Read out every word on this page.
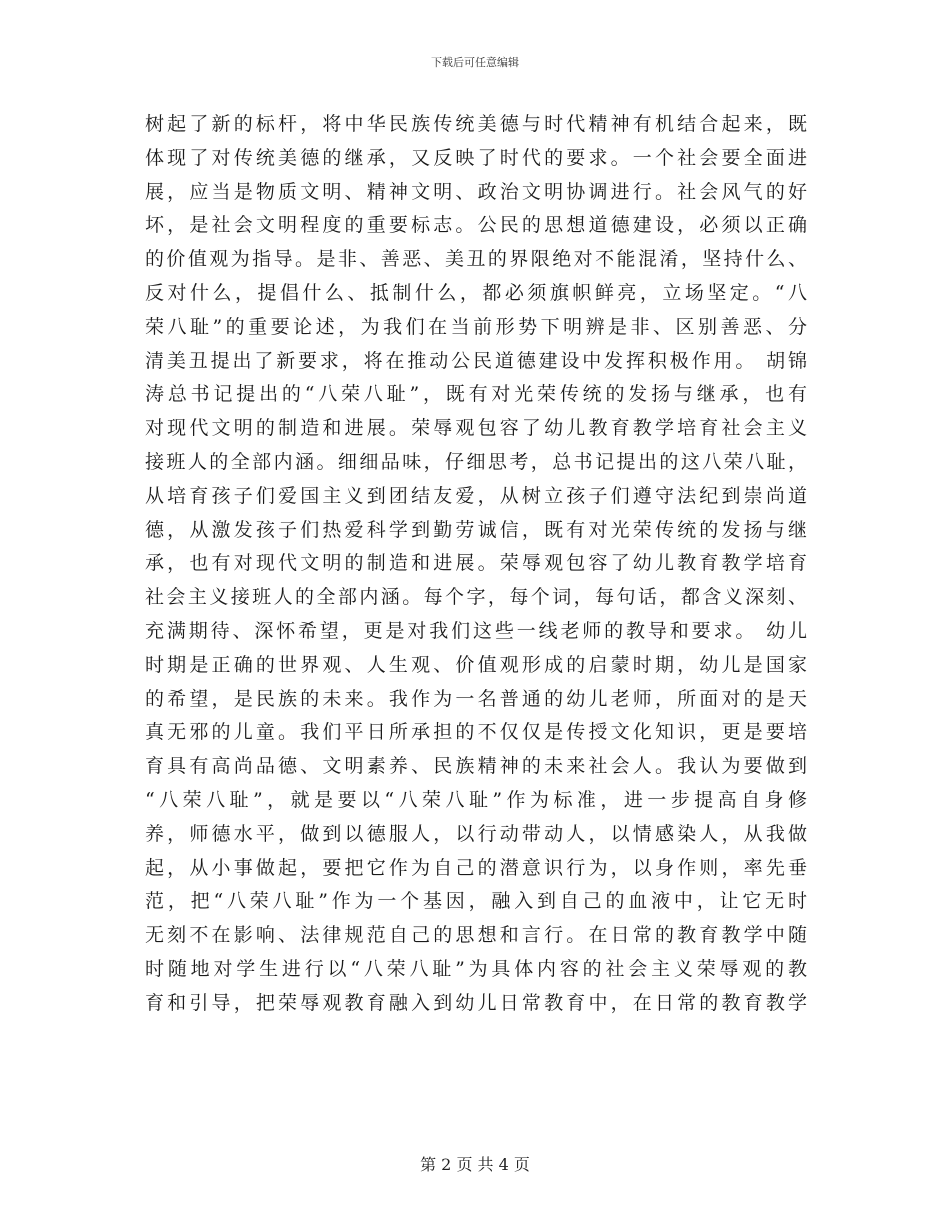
下载后可任意编辑
树起了新的标杆，将中华民族传统美德与时代精神有机结合起来，既
体现了对传统美德的继承，又反映了时代的要求。一个社会要全面进
展，应当是物质文明、精神文明、政治文明协调进行。社会风气的好
坏，是社会文明程度的重要标志。公民的思想道德建设，必须以正确
的价值观为指导。是非、善恶、美丑的界限绝对不能混淆，坚持什么、
反对什么，提倡什么、抵制什么，都必须旗帜鲜亮，立场坚定。“八
荣八耻”的重要论述，为我们在当前形势下明辨是非、区别善恶、分
清美丑提出了新要求，将在推动公民道德建设中发挥积极作用。 胡锦
涛总书记提出的“八荣八耻”，既有对光荣传统的发扬与继承，也有
对现代文明的制造和进展。荣辱观包容了幼儿教育教学培育社会主义
接班人的全部内涵。细细品味，仔细思考，总书记提出的这八荣八耻，
从培育孩子们爱国主义到团结友爱，从树立孩子们遵守法纪到崇尚道
德，从激发孩子们热爱科学到勤劳诚信，既有对光荣传统的发扬与继
承，也有对现代文明的制造和进展。荣辱观包容了幼儿教育教学培育
社会主义接班人的全部内涵。每个字，每个词，每句话，都含义深刻、
充满期待、深怀希望，更是对我们这些一线老师的教导和要求。 幼儿
时期是正确的世界观、人生观、价值观形成的启蒙时期，幼儿是国家
的希望，是民族的未来。我作为一名普通的幼儿老师，所面对的是天
真无邪的儿童。我们平日所承担的不仅仅是传授文化知识，更是要培
育具有高尚品德、文明素养、民族精神的未来社会人。我认为要做到
“八荣八耻”，就是要以“八荣八耻”作为标准，进一步提高自身修
养，师德水平，做到以德服人，以行动带动人，以情感染人，从我做
起，从小事做起，要把它作为自己的潜意识行为，以身作则，率先垂
范，把“八荣八耻”作为一个基因，融入到自己的血液中，让它无时
无刻不在影响、法律规范自己的思想和言行。在日常的教育教学中随
时随地对学生进行以“八荣八耻”为具体内容的社会主义荣辱观的教
育和引导，把荣辱观教育融入到幼儿日常教育中，在日常的教育教学
第 2 页 共 4 页
